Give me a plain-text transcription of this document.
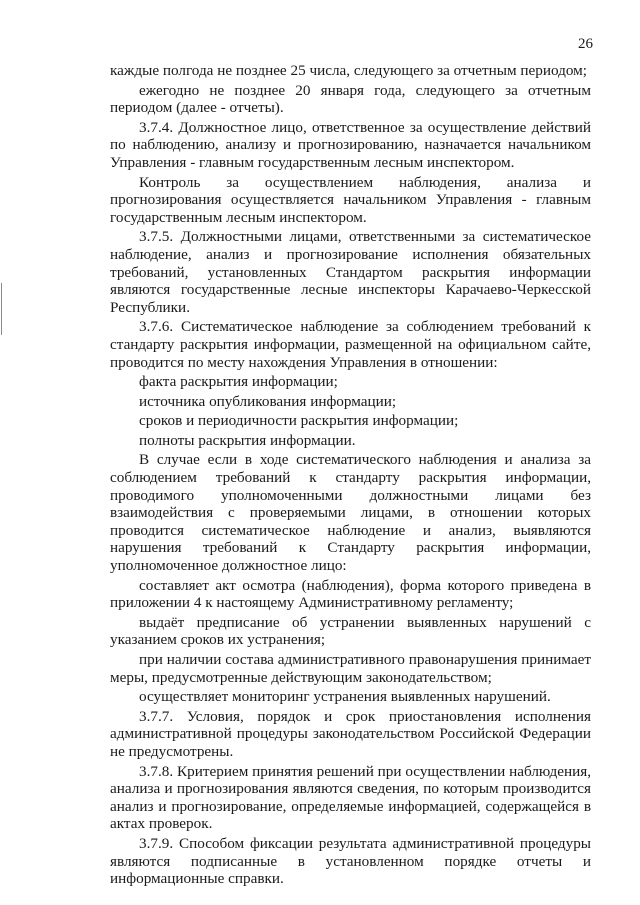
26

каждые полгода не позднее 25 числа, следующего за отчетным периодом;

ежегодно не позднее 20 января года, следующего за отчетным периодом (далее - отчеты).

3.7.4. Должностное лицо, ответственное за осуществление действий по наблюдению, анализу и прогнозированию, назначается начальником Управления - главным государственным лесным инспектором.

Контроль за осуществлением наблюдения, анализа и прогнозирования осуществляется начальником Управления - главным государственным лесным инспектором.

3.7.5. Должностными лицами, ответственными за систематическое наблюдение, анализ и прогнозирование исполнения обязательных требований, установленных Стандартом раскрытия информации являются государственные лесные инспекторы Карачаево-Черкесской Республики.

3.7.6. Систематическое наблюдение за соблюдением требований к стандарту раскрытия информации, размещенной на официальном сайте, проводится по месту нахождения Управления в отношении:

факта раскрытия информации;

источника опубликования информации;

сроков и периодичности раскрытия информации;

полноты раскрытия информации.

В случае если в ходе систематического наблюдения и анализа за соблюдением требований к стандарту раскрытия информации, проводимого уполномоченными должностными лицами без взаимодействия с проверяемыми лицами, в отношении которых проводится систематическое наблюдение и анализ, выявляются нарушения требований к Стандарту раскрытия информации, уполномоченное должностное лицо:

составляет акт осмотра (наблюдения), форма которого приведена в приложении 4 к настоящему Административному регламенту;

выдаёт предписание об устранении выявленных нарушений с указанием сроков их устранения;

при наличии состава административного правонарушения принимает меры, предусмотренные действующим законодательством;

осуществляет мониторинг устранения выявленных нарушений.

3.7.7. Условия, порядок и срок приостановления исполнения административной процедуры законодательством Российской Федерации не предусмотрены.

3.7.8. Критерием принятия решений при осуществлении наблюдения, анализа и прогнозирования являются сведения, по которым производится анализ и прогнозирование, определяемые информацией, содержащейся в актах проверок.

3.7.9. Способом фиксации результата административной процедуры являются подписанные в установленном порядке отчеты и информационные справки.
